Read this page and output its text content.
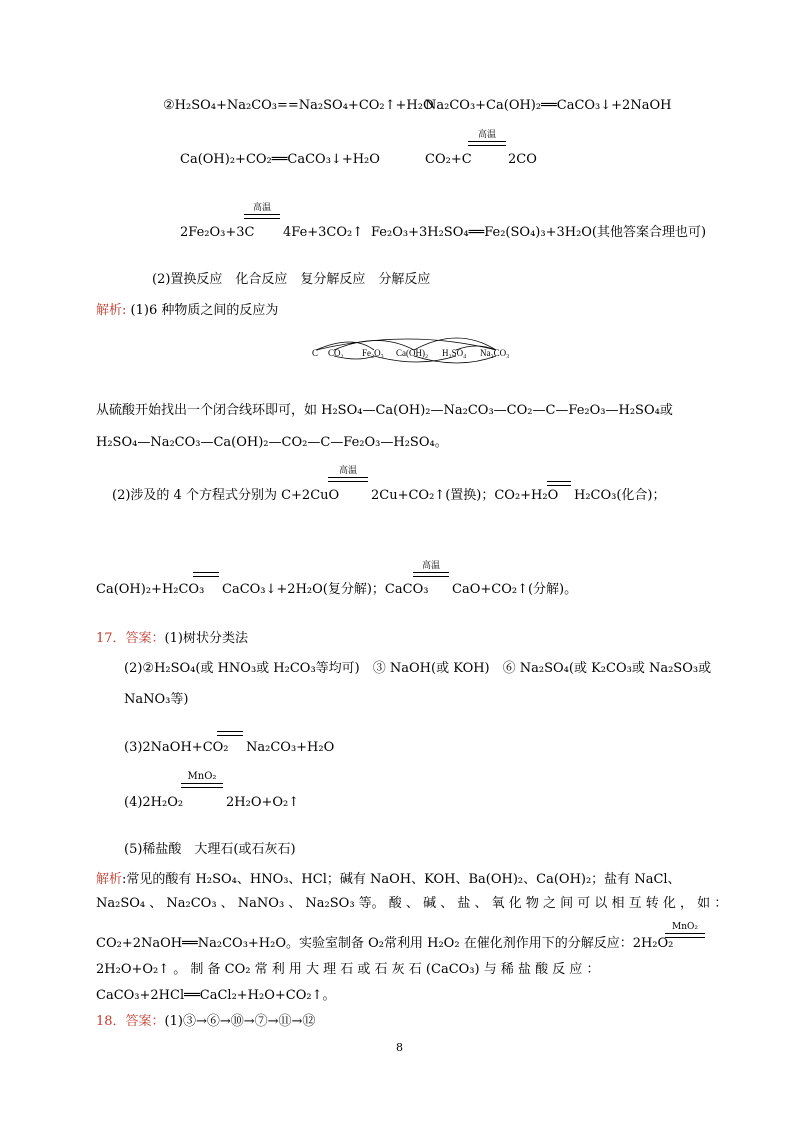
②H₂SO₄+Na₂CO₃==Na₂SO₄+CO₂↑+H₂O
Na₂CO₃+Ca(OH)₂══CaCO₃↓+2NaOH
Ca(OH)₂+CO₂══CaCO₃↓+H₂O	CO₂+C
高温
2CO
2Fe₂O₃+3C
高温
4Fe+3CO₂↑ Fe₂O₃+3H₂SO₄══Fe₂(SO₄)₃+3H₂O(其他答案合理也可)
(2)置换反应　化合反应　复分解反应　分解反应
解析: (1)6 种物质之间的反应为
C CO₂ Fe₂O₃ Ca(OH)₂ H₂SO₄ Na₂CO₃
从硫酸开始找出一个闭合线环即可，如 H₂SO₄—Ca(OH)₂—Na₂CO₃—CO₂—C—Fe₂O₃—H₂SO₄或
H₂SO₄—Na₂CO₃—Ca(OH)₂—CO₂—C—Fe₂O₃—H₂SO₄。
(2)涉及的 4 个方程式分别为 C+2CuO
高温
2Cu+CO₂↑(置换)；CO₂+H₂O H₂CO₃(化合)；
Ca(OH)₂+H₂CO₃ CaCO₃↓+2H₂O(复分解)；CaCO₃
高温
CaO+CO₂↑(分解)。
17．答案：(1)树状分类法
(2)②H₂SO₄(或 HNO₃或 H₂CO₃等均可)　③ NaOH(或 KOH)　⑥ Na₂SO₄(或 K₂CO₃或 Na₂SO₃或
NaNO₃等)
(3)2NaOH+CO₂ Na₂CO₃+H₂O
(4)2H₂O₂
MnO₂
2H₂O+O₂↑
(5)稀盐酸　大理石(或石灰石)
解析:常见的酸有 H₂SO₄、HNO₃、HCl；碱有 NaOH、KOH、Ba(OH)₂、Ca(OH)₂；盐有 NaCl、
Na₂SO₄ 、 Na₂CO₃ 、 NaNO₃ 、 Na₂SO₃ 等。 酸 、 碱 、 盐 、 氧 化 物 之 间 可 以 相 互 转 化 ， 如 ：
CO₂+2NaOH══Na₂CO₃+H₂O。实验室制备 O₂常利用 H₂O₂ 在催化剂作用下的分解反应：2H₂O₂
MnO₂
2H₂O+O₂↑ 。 制 备 CO₂ 常 利 用 大 理 石 或 石 灰 石 (CaCO₃) 与 稀 盐 酸 反 应 ：
CaCO₃+2HCl══CaCl₂+H₂O+CO₂↑。
18．答案：(1)③→⑥→⑩→⑦→⑪→⑫
8
